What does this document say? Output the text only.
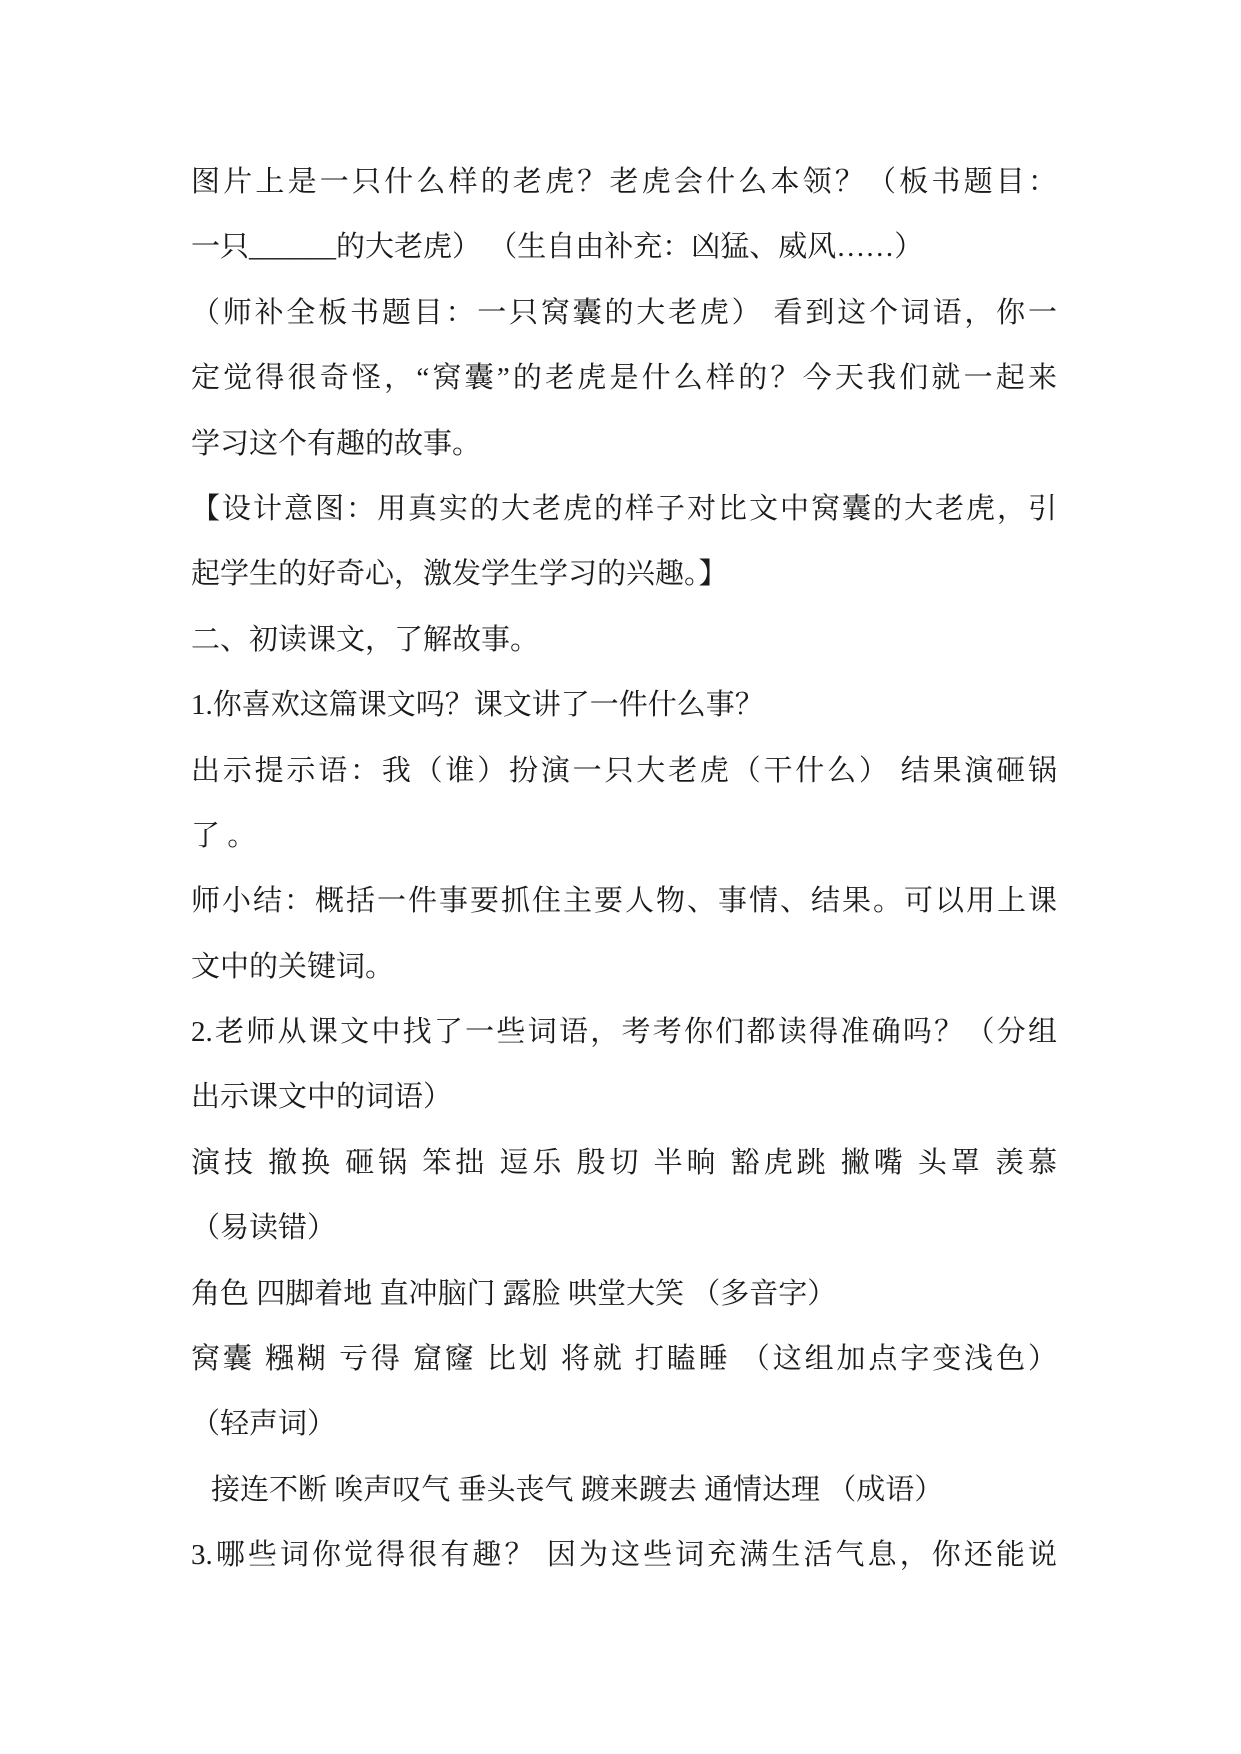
图片上是一只什么样的老虎？老虎会什么本领？（板书题目：
一只______的大老虎） （生自由补充：凶猛、威风……）
（师补全板书题目：一只窝囊的大老虎） 看到这个词语，你一
定觉得很奇怪，“窝囊”的老虎是什么样的？今天我们就一起来
学习这个有趣的故事。
【设计意图：用真实的大老虎的样子对比文中窝囊的大老虎，引
起学生的好奇心，激发学生学习的兴趣。】
二、初读课文，了解故事。
1.你喜欢这篇课文吗？课文讲了一件什么事？
出示提示语：我（谁）扮演一只大老虎（干什么） 结果演砸锅
了 。
师小结：概括一件事要抓住主要人物、事情、结果。可以用上课
文中的关键词。
2.老师从课文中找了一些词语，考考你们都读得准确吗？（分组
出示课文中的词语）
演技 撤换 砸锅 笨拙 逗乐 殷切 半晌 豁虎跳 撇嘴 头罩 羡慕
（易读错）
角色 四脚着地 直冲脑门 露脸 哄堂大笑 （多音字）
窝囊 糨糊 亏得 窟窿 比划 将就 打瞌睡 （这组加点字变浅色）
（轻声词）
接连不断 唉声叹气 垂头丧气 踱来踱去 通情达理 （成语）
3.哪些词你觉得很有趣？ 因为这些词充满生活气息，你还能说
